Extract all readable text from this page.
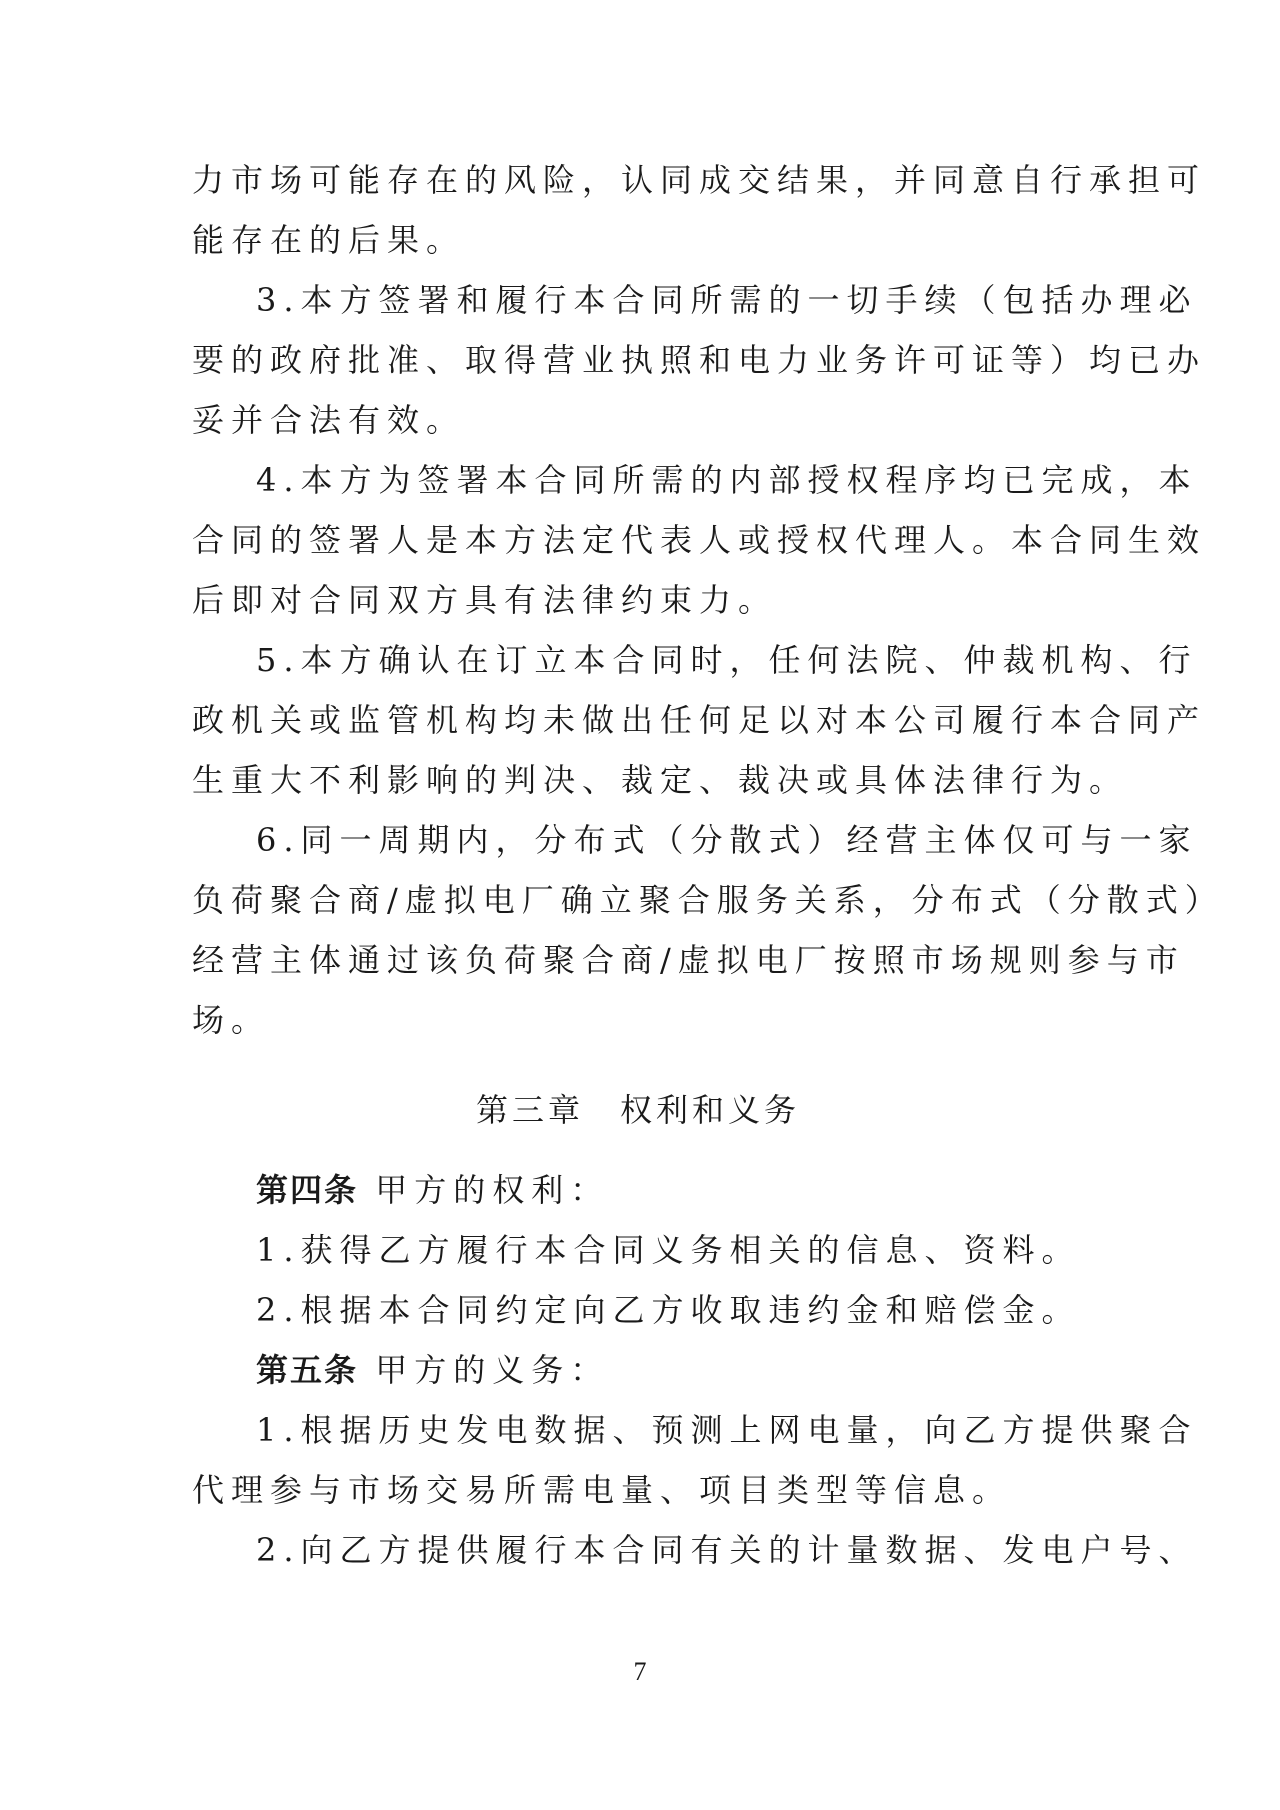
力市场可能存在的风险，认同成交结果，并同意自行承担可
能存在的后果。
3.本方签署和履行本合同所需的一切手续（包括办理必
要的政府批准、取得营业执照和电力业务许可证等）均已办
妥并合法有效。
4.本方为签署本合同所需的内部授权程序均已完成，本
合同的签署人是本方法定代表人或授权代理人。本合同生效
后即对合同双方具有法律约束力。
5.本方确认在订立本合同时，任何法院、仲裁机构、行
政机关或监管机构均未做出任何足以对本公司履行本合同产
生重大不利影响的判决、裁定、裁决或具体法律行为。
6.同一周期内，分布式（分散式）经营主体仅可与一家
负荷聚合商/虚拟电厂确立聚合服务关系，分布式（分散式）
经营主体通过该负荷聚合商/虚拟电厂按照市场规则参与市
场。
第三章　权利和义务
第四条 甲方的权利：
1.获得乙方履行本合同义务相关的信息、资料。
2.根据本合同约定向乙方收取违约金和赔偿金。
第五条 甲方的义务：
1.根据历史发电数据、预测上网电量，向乙方提供聚合
代理参与市场交易所需电量、项目类型等信息。
2.向乙方提供履行本合同有关的计量数据、发电户号、
7
